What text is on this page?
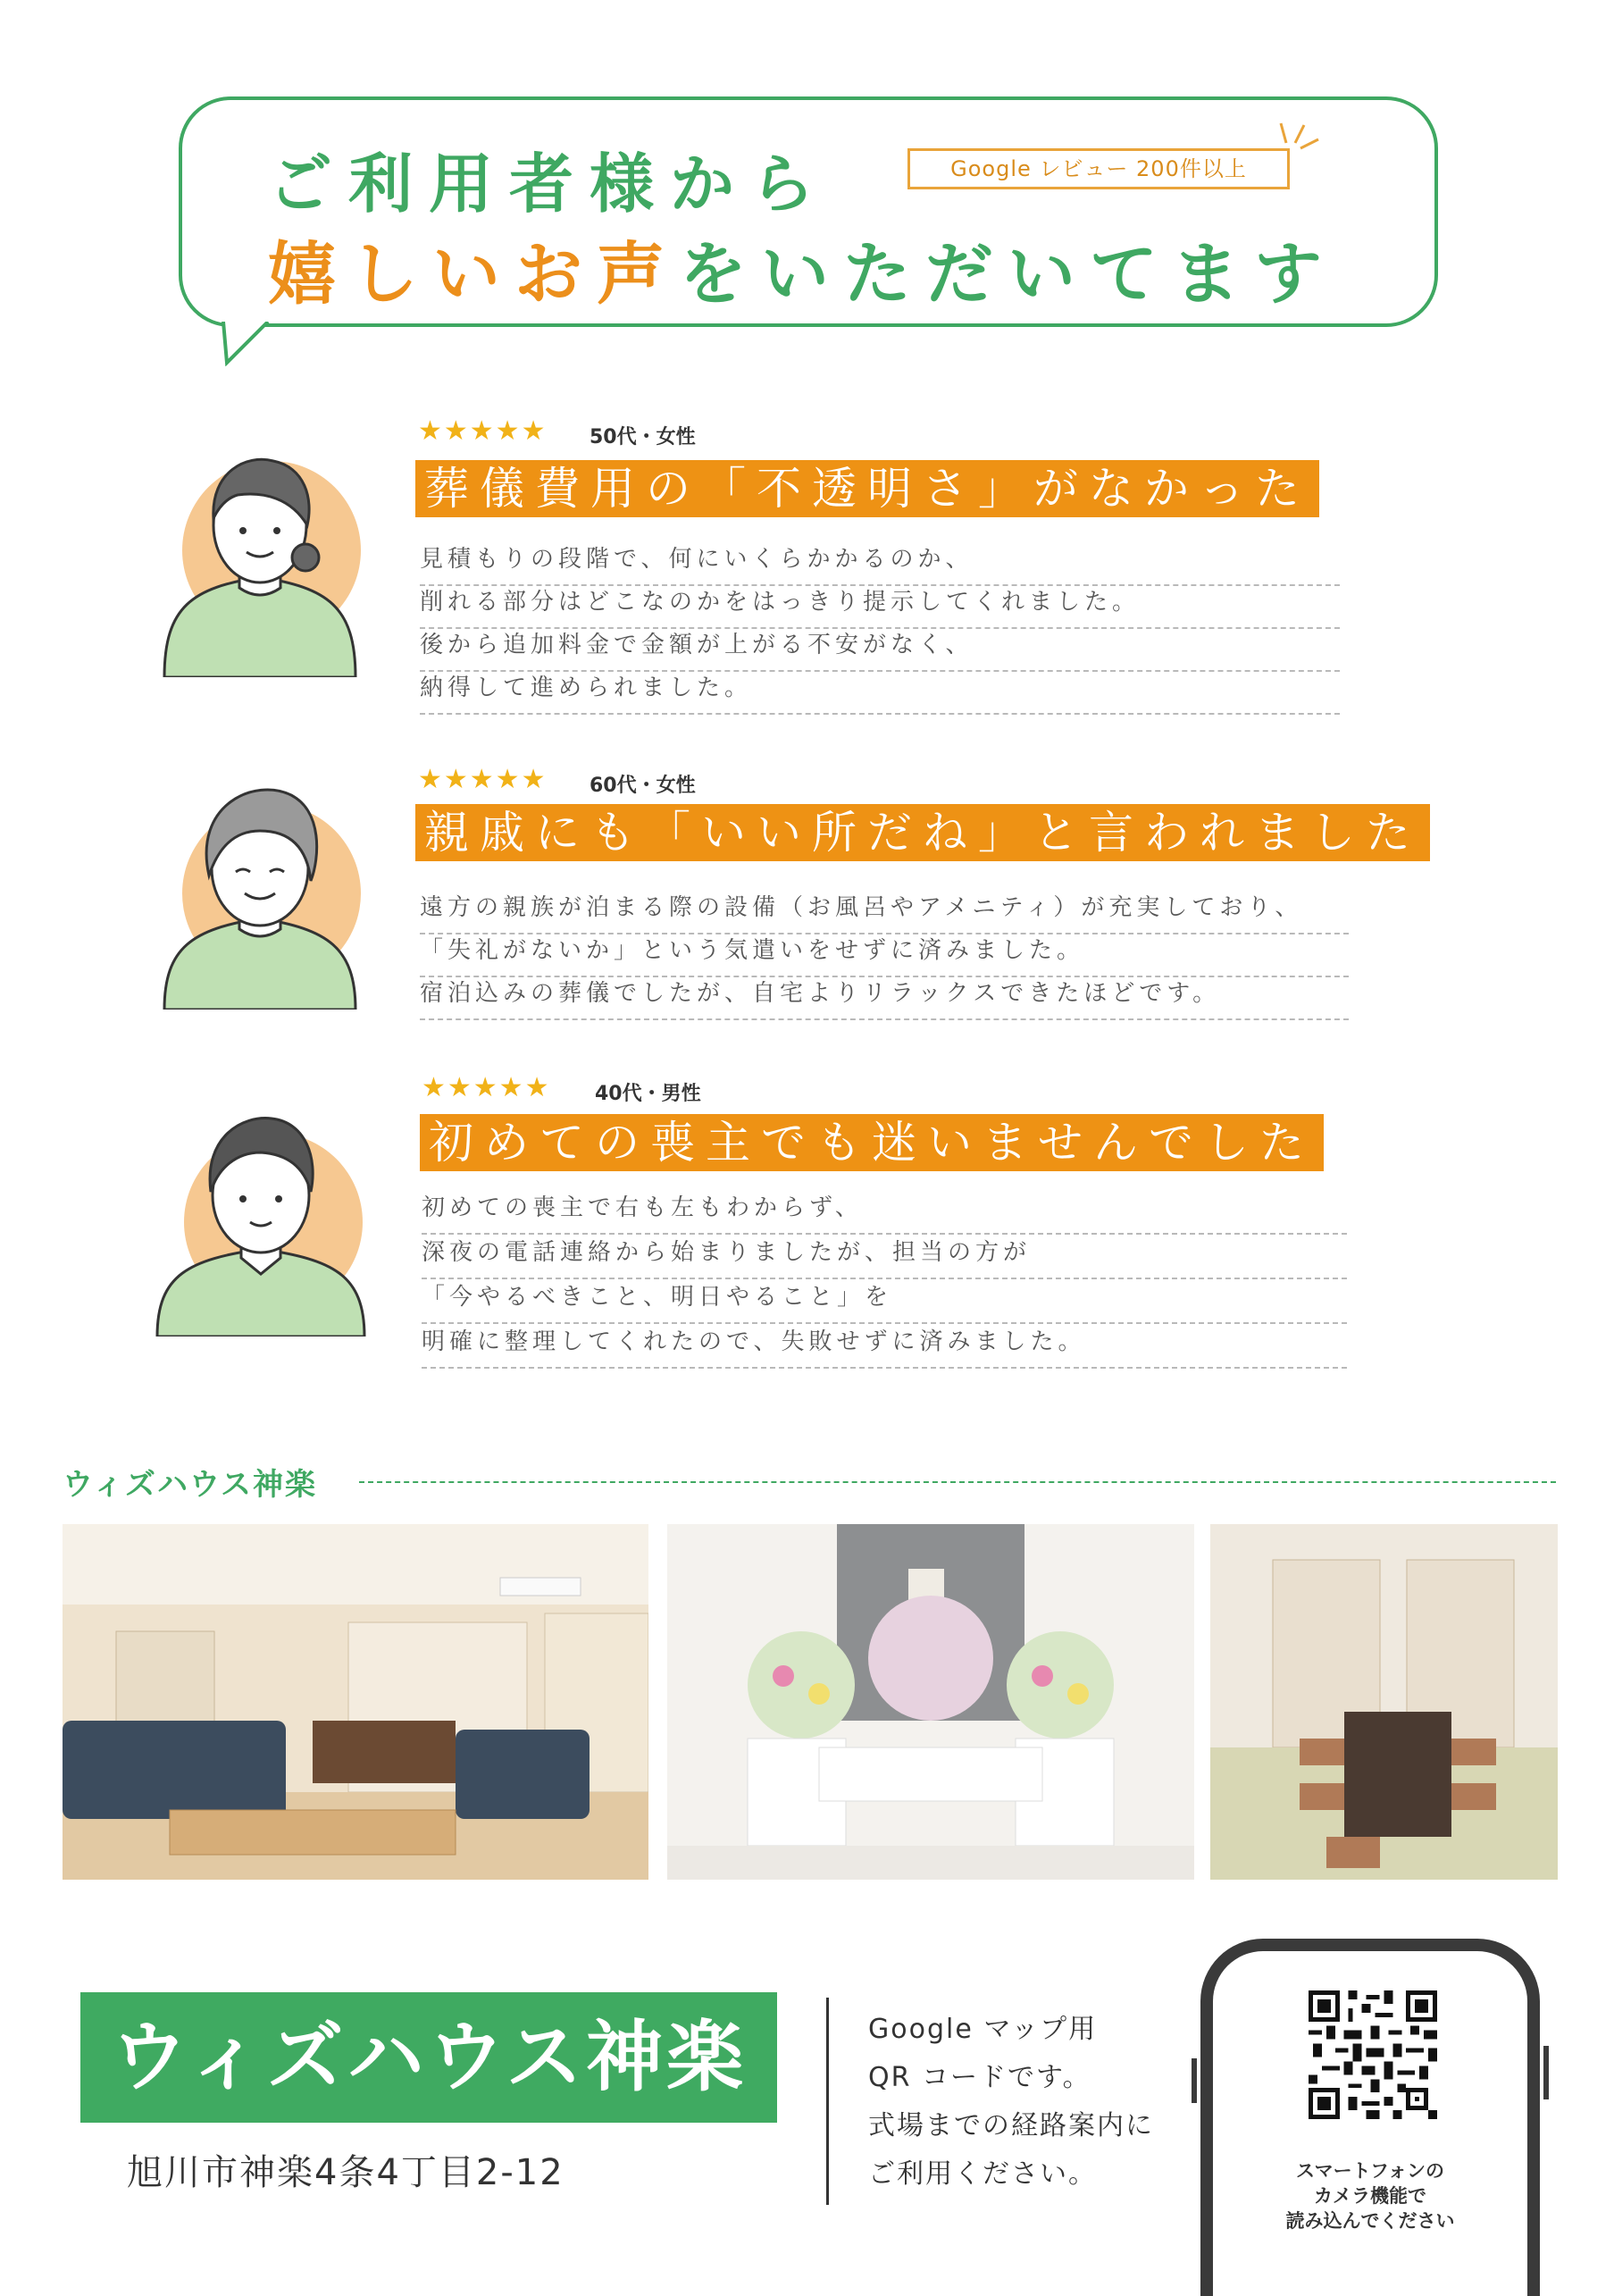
ご利用者様から
嬉しいお声をいただいてます
Google レビュー 200件以上
★★★★★ 50代・女性
葬儀費用の「不透明さ」がなかった
見積もりの段階で、何にいくらかかるのか、
削れる部分はどこなのかをはっきり提示してくれました。
後から追加料金で金額が上がる不安がなく、
納得して進められました。
★★★★★ 60代・女性
親戚にも「いい所だね」と言われました
遠方の親族が泊まる際の設備（お風呂やアメニティ）が充実しており、
「失礼がないか」という気遣いをせずに済みました。
宿泊込みの葬儀でしたが、自宅よりリラックスできたほどです。
★★★★★ 40代・男性
初めての喪主でも迷いませんでした
初めての喪主で右も左もわからず、
深夜の電話連絡から始まりましたが、担当の方が
「今やるべきこと、明日やること」を
明確に整理してくれたので、失敗せずに済みました。
ウィズハウス神楽
ウィズハウス神楽
旭川市神楽4条4丁目2-12
Google マップ用
QR コードです。
式場までの経路案内に
ご利用ください。	スマートフォンの
カメラ機能で
読み込んでください
